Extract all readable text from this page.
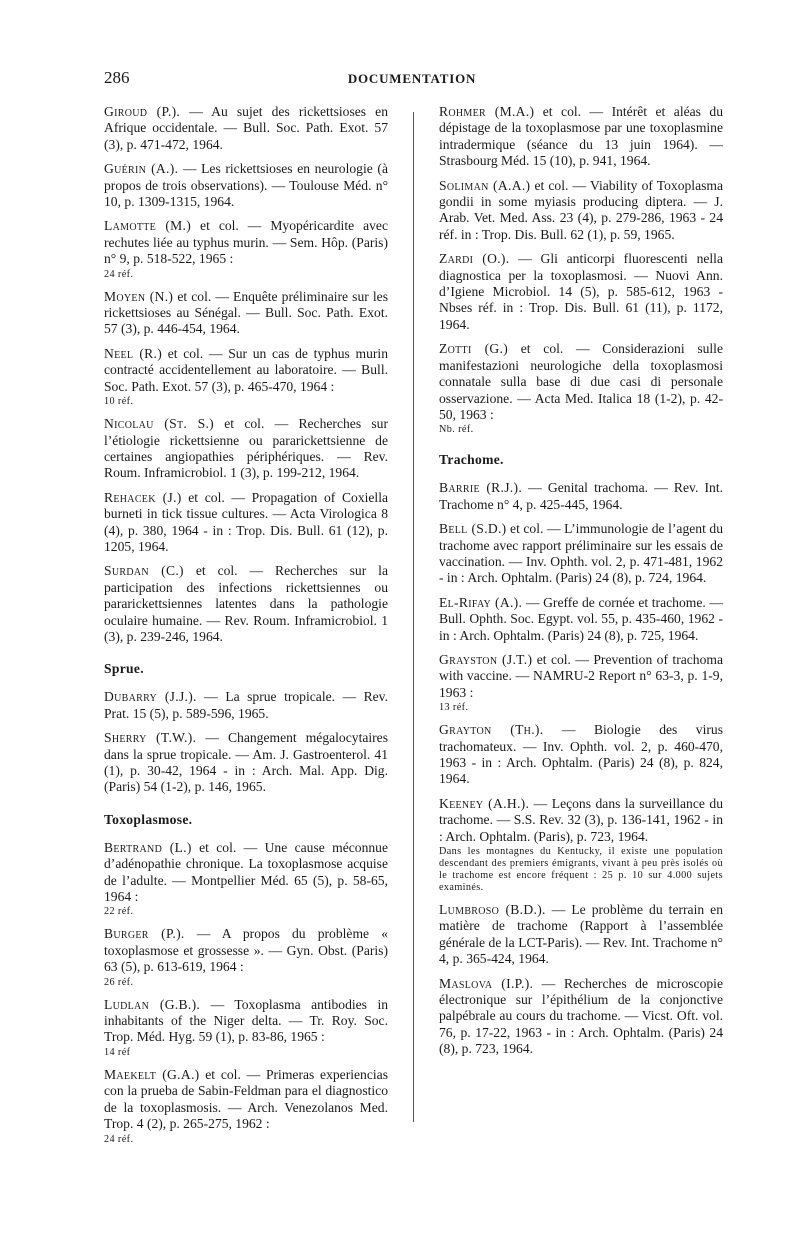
286	DOCUMENTATION

Giroud (P.). — Au sujet des rickettsioses en Afrique occidentale. — Bull. Soc. Path. Exot. 57 (3), p. 471-472, 1964.

Guérin (A.). — Les rickettsioses en neurologie (à propos de trois observations). — Toulouse Méd. n° 10, p. 1309-1315, 1964.

Lamotte (M.) et col. — Myopéricardite avec rechutes liée au typhus murin. — Sem. Hôp. (Paris) n° 9, p. 518-522, 1965 :
24 réf.

Moyen (N.) et col. — Enquête préliminaire sur les rickettsioses au Sénégal. — Bull. Soc. Path. Exot. 57 (3), p. 446-454, 1964.

Neel (R.) et col. — Sur un cas de typhus murin contracté accidentellement au laboratoire. — Bull. Soc. Path. Exot. 57 (3), p. 465-470, 1964 :
10 réf.

Nicolau (St. S.) et col. — Recherches sur l’étiologie rickettsienne ou pararickettsienne de certaines angiopathies périphériques. — Rev. Roum. Inframicrobiol. 1 (3), p. 199-212, 1964.

Rehacek (J.) et col. — Propagation of Coxiella burneti in tick tissue cultures. — Acta Virologica 8 (4), p. 380, 1964 - in : Trop. Dis. Bull. 61 (12), p. 1205, 1964.

Surdan (C.) et col. — Recherches sur la participation des infections rickettsiennes ou pararickettsiennes latentes dans la pathologie oculaire humaine. — Rev. Roum. Inframicrobiol. 1 (3), p. 239-246, 1964.

Sprue.

Dubarry (J.J.). — La sprue tropicale. — Rev. Prat. 15 (5), p. 589-596, 1965.

Sherry (T.W.). — Changement mégalocytaires dans la sprue tropicale. — Am. J. Gastroenterol. 41 (1), p. 30-42, 1964 - in : Arch. Mal. App. Dig. (Paris) 54 (1-2), p. 146, 1965.

Toxoplasmose.

Bertrand (L.) et col. — Une cause méconnue d’adénopathie chronique. La toxoplasmose acquise de l’adulte. — Montpellier Méd. 65 (5), p. 58-65, 1964 :
22 réf.

Burger (P.). — A propos du problème « toxoplasmose et grossesse ». — Gyn. Obst. (Paris) 63 (5), p. 613-619, 1964 :
26 réf.

Ludlan (G.B.). — Toxoplasma antibodies in inhabitants of the Niger delta. — Tr. Roy. Soc. Trop. Méd. Hyg. 59 (1), p. 83-86, 1965 :
14 réf

Maekelt (G.A.) et col. — Primeras experiencias con la prueba de Sabin-Feldman para el diagnostico de la toxoplasmosis. — Arch. Venezolanos Med. Trop. 4 (2), p. 265-275, 1962 :
24 réf.

Rohmer (M.A.) et col. — Intérêt et aléas du dépistage de la toxoplasmose par une toxoplasmine intradermique (séance du 13 juin 1964). — Strasbourg Méd. 15 (10), p. 941, 1964.

Soliman (A.A.) et col. — Viability of Toxoplasma gondii in some myiasis producing diptera. — J. Arab. Vet. Med. Ass. 23 (4), p. 279-286, 1963 - 24 réf. in : Trop. Dis. Bull. 62 (1), p. 59, 1965.

Zardi (O.). — Gli anticorpi fluorescenti nella diagnostica per la toxoplasmosi. — Nuovi Ann. d’Igiene Microbiol. 14 (5), p. 585-612, 1963 - Nbses réf. in : Trop. Dis. Bull. 61 (11), p. 1172, 1964.

Zotti (G.) et col. — Considerazioni sulle manifestazioni neurologiche della toxoplasmosi connatale sulla base di due casi di personale osservazione. — Acta Med. Italica 18 (1-2), p. 42-50, 1963 :
Nb. réf.

Trachome.

Barrie (R.J.). — Genital trachoma. — Rev. Int. Trachome n° 4, p. 425-445, 1964.

Bell (S.D.) et col. — L’immunologie de l’agent du trachome avec rapport préliminaire sur les essais de vaccination. — Inv. Ophth. vol. 2, p. 471-481, 1962 - in : Arch. Ophtalm. (Paris) 24 (8), p. 724, 1964.

El-Rifay (A.). — Greffe de cornée et trachome. — Bull. Ophth. Soc. Egypt. vol. 55, p. 435-460, 1962 - in : Arch. Ophtalm. (Paris) 24 (8), p. 725, 1964.

Grayston (J.T.) et col. — Prevention of trachoma with vaccine. — NAMRU-2 Report n° 63-3, p. 1-9, 1963 :
13 réf.

Grayton (Th.). — Biologie des virus trachomateux. — Inv. Ophth. vol. 2, p. 460-470, 1963 - in : Arch. Ophtalm. (Paris) 24 (8), p. 824, 1964.

Keeney (A.H.). — Leçons dans la surveillance du trachome. — S.S. Rev. 32 (3), p. 136-141, 1962 - in : Arch. Ophtalm. (Paris), p. 723, 1964.
Dans les montagnes du Kentucky, il existe une population descendant des premiers émigrants, vivant à peu près isolés où le trachome est encore fréquent : 25 p. 10 sur 4.000 sujets examinés.

Lumbroso (B.D.). — Le problème du terrain en matière de trachome (Rapport à l’assemblée générale de la LCT-Paris). — Rev. Int. Trachome n° 4, p. 365-424, 1964.

Maslova (I.P.). — Recherches de microscopie électronique sur l’épithélium de la conjonctive palpébrale au cours du trachome. — Vicst. Oft. vol. 76, p. 17-22, 1963 - in : Arch. Ophtalm. (Paris) 24 (8), p. 723, 1964.
